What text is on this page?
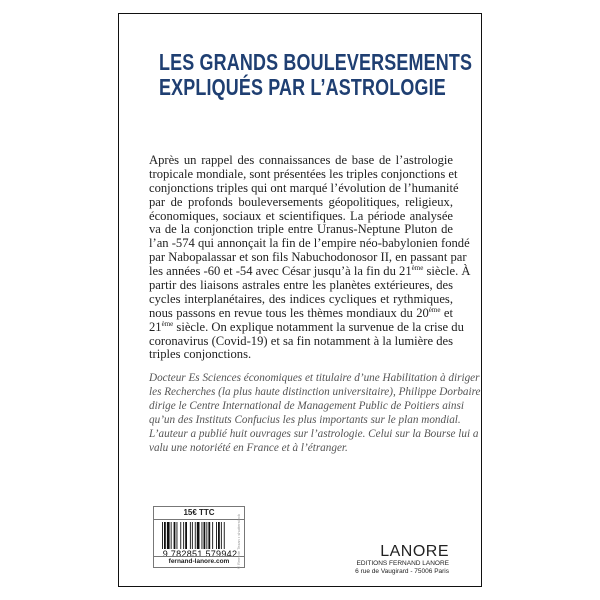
LES GRANDS BOULEVERSEMENTS
EXPLIQUÉS PAR L’ASTROLOGIE
Après un rappel des connaissances de base de l’astrologie
tropicale mondiale, sont présentées les triples conjonctions et
conjonctions triples qui ont marqué l’évolution de l’humanité
par de profonds bouleversements géopolitiques, religieux,
économiques, sociaux et scientifiques. La période analysée
va de la conjonction triple entre Uranus-Neptune Pluton de
l’an -574 qui annonçait la fin de l’empire néo-babylonien fondé
par Nabopalassar et son fils Nabuchodonosor II, en passant par
les années -60 et -54 avec César jusqu’à la fin du 21ème siècle. À
partir des liaisons astrales entre les planètes extérieures, des
cycles interplanétaires, des indices cycliques et rythmiques,
nous passons en revue tous les thèmes mondiaux du 20ème et
21ème siècle. On explique notamment la survenue de la crise du
coronavirus (Covid-19) et sa fin notamment à la lumière des
triples conjonctions.
Docteur Es Sciences économiques et titulaire d’une Habilitation à diriger
les Recherches (la plus haute distinction universitaire), Philippe Dorbaire
dirige le Centre International de Management Public de Poitiers ainsi
qu’un des Instituts Confucius les plus importants sur le plan mondial.
L’auteur a publié huit ouvrages sur l’astrologie. Celui sur la Bourse lui a
valu une notoriété en France et à l’étranger.
15€ TTC
9 782851 579942
fernand-lanore.com	© Remote Texan • shutterstock	LANORE
EDITIONS FERNAND LANORE
6 rue de Vaugirard - 75006 Paris
